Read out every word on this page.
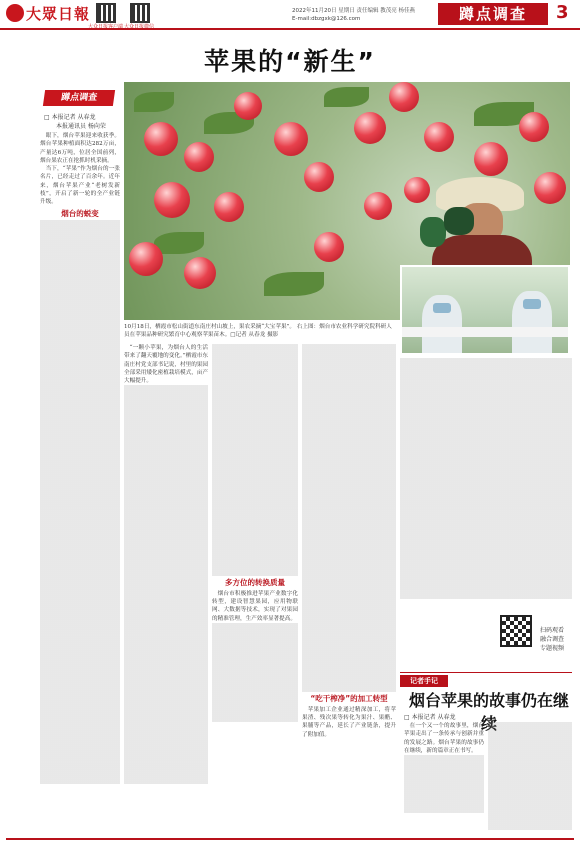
大眾日報
大众日报客户端 大众日报微信
2022年11月20日 星期日 责任编辑 教茂亮 杨佳燕
E-mail:dbzgxk@126.com	蹲点调查	3
苹果的“新生”
蹲点调查
□ 本报记者 从春龙
本报通讯员 杨向荣
10月18日，栖霞市松山街道东南庄村山坡上，果农采摘“大宝苹果”。 右上图：烟台市农业科学研究院科研人员在苹果品种研究繁育中心观察苹果苗木。□记者 从春龙 摄影

眼下，烟台苹果迎来收获季。烟台苹果种植面积达282万亩，产量达6万吨，位居全国前列，烟台果农正在抢抓时机采摘。

当下，“苹果”作为烟台的一张名片，已经走过了百余年。近年来，烟台苹果产业“老树发新枝”，开启了新一轮的全产业链升级。

烟台的蜕变

“一颗小苹果，为烟台人的生活带来了翻天覆地的变化。”栖霞市东南庄村党支部书记说，村里的果园全部采用矮化密植栽培模式，亩产大幅提升。

多方位的转换质量

烟台市积极推进苹果产业数字化转型，建设智慧果园，应用物联网、大数据等技术，实现了对果园的精准管理，生产效率显著提高。

“吃干榨净”的加工转型

苹果加工企业通过精深加工，将苹果渣、残次果等转化为果汁、果醋、果脯等产品，延长了产业链条，提升了附加值。

扫码观看
融合调查
专题视频
记者手记
烟台苹果的故事仍在继续
□ 本报记者 从春龙

在一个又一个的故事里，烟台苹果走出了一条传承与创新并重的发展之路。烟台苹果的故事仍在继续，新的篇章正在书写。
